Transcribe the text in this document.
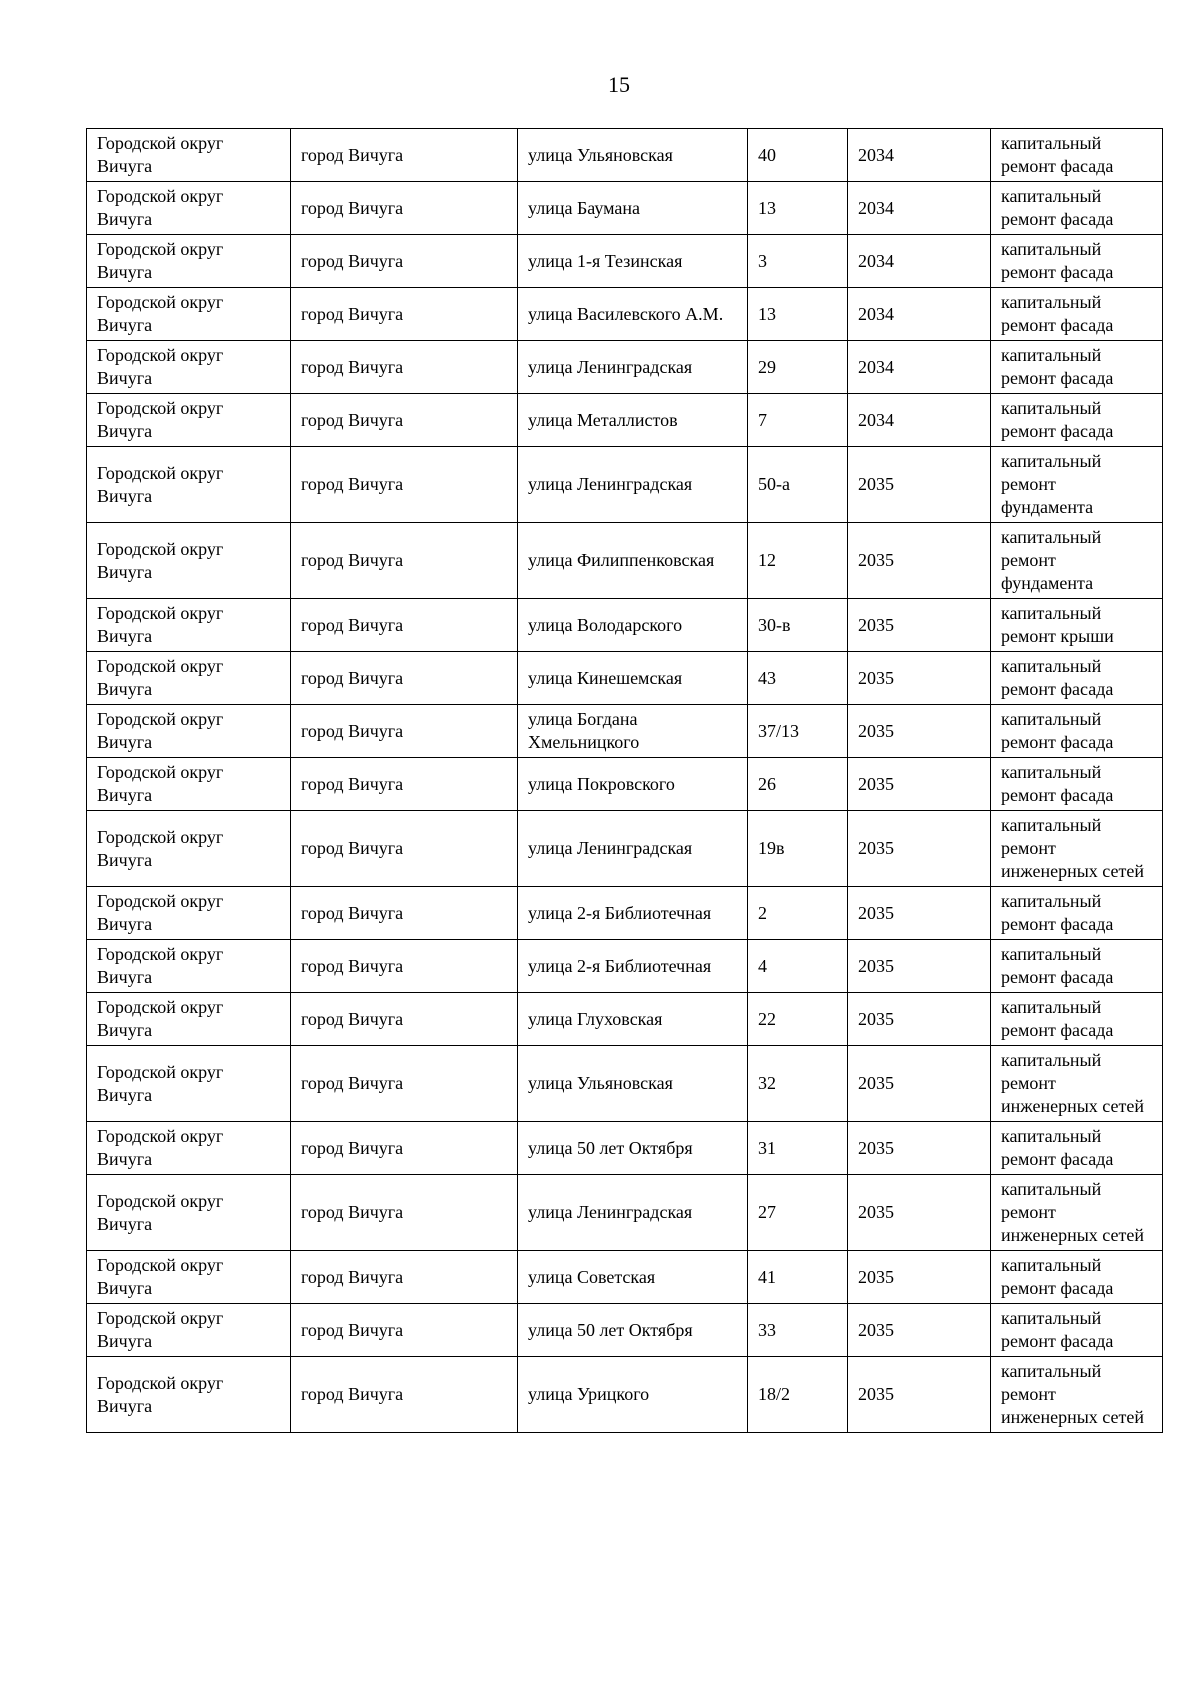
15
Городской округ Вичуга	город Вичуга	улица Ульяновская	40	2034	капитальный ремонт фасада
Городской округ Вичуга	город Вичуга	улица Баумана	13	2034	капитальный ремонт фасада
Городской округ Вичуга	город Вичуга	улица 1-я Тезинская	3	2034	капитальный ремонт фасада
Городской округ Вичуга	город Вичуга	улица Василевского А.М.	13	2034	капитальный ремонт фасада
Городской округ Вичуга	город Вичуга	улица Ленинградская	29	2034	капитальный ремонт фасада
Городской округ Вичуга	город Вичуга	улица Металлистов	7	2034	капитальный ремонт фасада
Городской округ Вичуга	город Вичуга	улица Ленинградская	50-а	2035	капитальный ремонт фундамента
Городской округ Вичуга	город Вичуга	улица Филиппенковская	12	2035	капитальный ремонт фундамента
Городской округ Вичуга	город Вичуга	улица Володарского	30-в	2035	капитальный ремонт крыши
Городской округ Вичуга	город Вичуга	улица Кинешемская	43	2035	капитальный ремонт фасада
Городской округ Вичуга	город Вичуга	улица Богдана Хмельницкого	37/13	2035	капитальный ремонт фасада
Городской округ Вичуга	город Вичуга	улица Покровского	26	2035	капитальный ремонт фасада
Городской округ Вичуга	город Вичуга	улица Ленинградская	19в	2035	капитальный ремонт инженерных сетей
Городской округ Вичуга	город Вичуга	улица 2-я Библиотечная	2	2035	капитальный ремонт фасада
Городской округ Вичуга	город Вичуга	улица 2-я Библиотечная	4	2035	капитальный ремонт фасада
Городской округ Вичуга	город Вичуга	улица Глуховская	22	2035	капитальный ремонт фасада
Городской округ Вичуга	город Вичуга	улица Ульяновская	32	2035	капитальный ремонт инженерных сетей
Городской округ Вичуга	город Вичуга	улица 50 лет Октября	31	2035	капитальный ремонт фасада
Городской округ Вичуга	город Вичуга	улица Ленинградская	27	2035	капитальный ремонт инженерных сетей
Городской округ Вичуга	город Вичуга	улица Советская	41	2035	капитальный ремонт фасада
Городской округ Вичуга	город Вичуга	улица 50 лет Октября	33	2035	капитальный ремонт фасада
Городской округ Вичуга	город Вичуга	улица Урицкого	18/2	2035	капитальный ремонт инженерных сетей
